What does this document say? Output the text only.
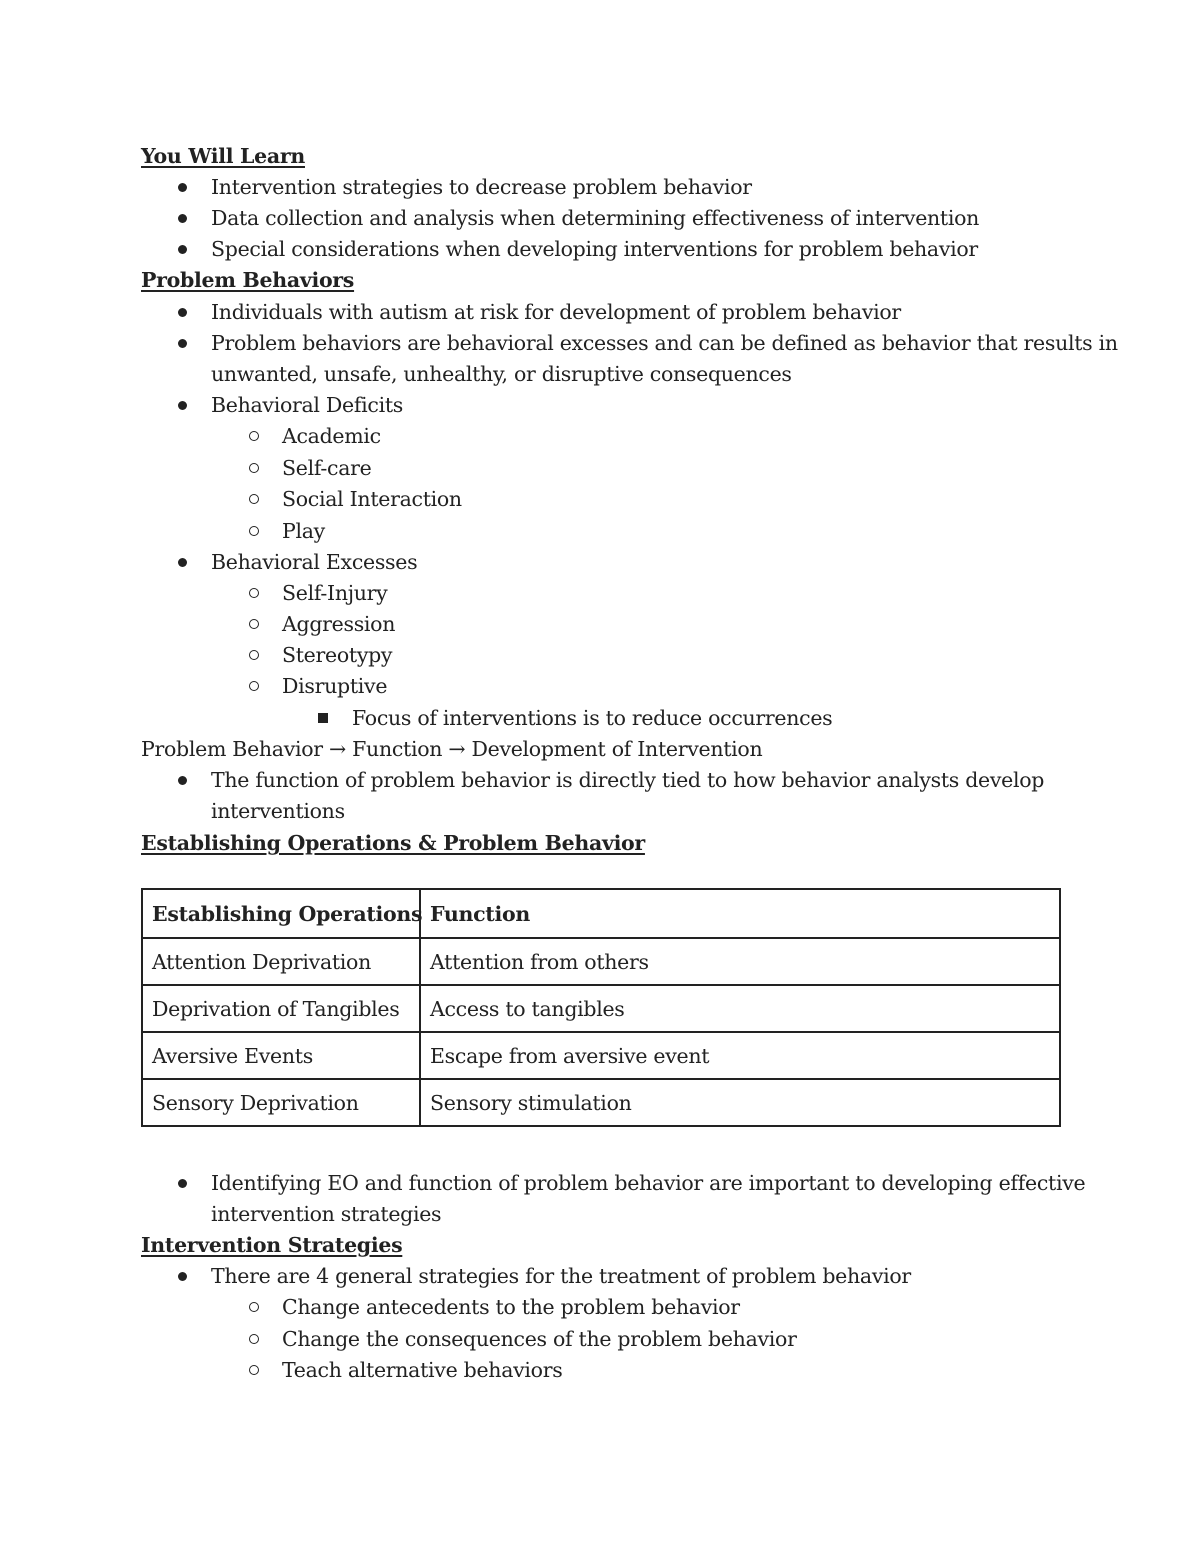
You Will Learn
Intervention strategies to decrease problem behavior
Data collection and analysis when determining effectiveness of intervention
Special considerations when developing interventions for problem behavior
Problem Behaviors
Individuals with autism at risk for development of problem behavior
Problem behaviors are behavioral excesses and can be defined as behavior that results in
unwanted, unsafe, unhealthy, or disruptive consequences
Behavioral Deficits
Academic
Self-care
Social Interaction
Play
Behavioral Excesses
Self-Injury
Aggression
Stereotypy
Disruptive
Focus of interventions is to reduce occurrences
Problem Behavior → Function → Development of Intervention
The function of problem behavior is directly tied to how behavior analysts develop
interventions
Establishing Operations & Problem Behavior
Establishing Operations	Function
Attention Deprivation	Attention from others
Deprivation of Tangibles	Access to tangibles
Aversive Events	Escape from aversive event
Sensory Deprivation	Sensory stimulation
Identifying EO and function of problem behavior are important to developing effective
intervention strategies
Intervention Strategies
There are 4 general strategies for the treatment of problem behavior
Change antecedents to the problem behavior
Change the consequences of the problem behavior
Teach alternative behaviors
